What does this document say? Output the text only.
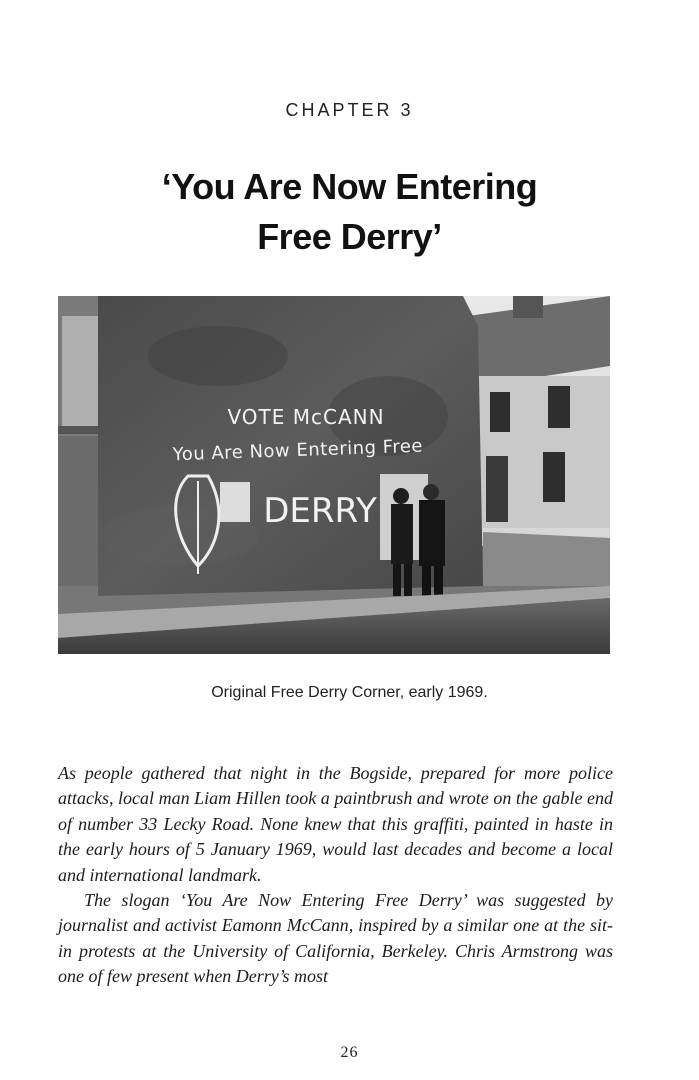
CHAPTER 3
‘You Are Now Entering
Free Derry’
VOTE McCANN
You Are Now Entering Free
DERRY
Original Free Derry Corner, early 1969.

As people gathered that night in the Bogside, prepared for more police attacks, local man Liam Hillen took a paintbrush and wrote on the gable end of number 33 Lecky Road. None knew that this graffiti, painted in haste in the early hours of 5 January 1969, would last decades and become a local and international landmark.

The slogan ‘You Are Now Entering Free Derry’ was suggested by journalist and activist Eamonn McCann, inspired by a similar one at the sit-in protests at the University of California, Berkeley. Chris Armstrong was one of few present when Derry’s most

26
